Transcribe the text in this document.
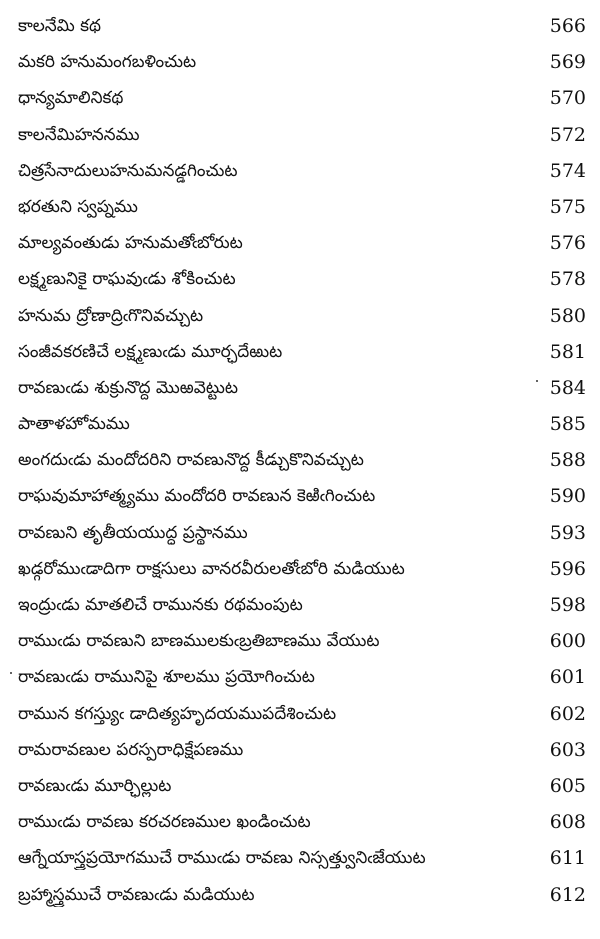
కాలనేమి కథ	566
మకరి హనుమంగబళించుట	569
ధాన్యమాలినికథ	570
కాలనేమిహననము	572
చిత్రసేనాదులుహనుమనడ్డగించుట	574
భరతుని స్వప్నము	575
మాల్యవంతుడు హనుమతోఁబోరుట	576
లక్ష్మణునికై రాఘవుఁడు శోకించుట	578
హనుమ ద్రోణాద్రిఁగొనివచ్చుట	580
సంజీవకరణిచే లక్ష్మణుఁడు మూర్ఛదేఱుట	581
రావణుఁడు శుక్రునొద్ద మొఱవెట్టుట	584
పాతాళహోమము	585
అంగదుఁడు మందోదరిని రావణునొద్ద కీడ్చుకొనివచ్చుట	588
రాఘవుమాహాత్మ్యము మందోదరి రావణున కెఱిఁగించుట	590
రావణుని తృతీయయుద్ధ ప్రస్థానము	593
ఖడ్గరోముఁడాదిగా రాక్షసులు వానరవీరులతోఁబోరి మడియుట	596
ఇంద్రుఁడు మాతలిచే రామునకు రథమంపుట	598
రాముఁడు రావణుని బాణములకుఁబ్రతిబాణము వేయుట	600
రావణుఁడు రామునిపై శూలము ప్రయోగించుట	601
రామున కగస్త్యుఁ డాదిత్యహృదయముపదేశించుట	602
రామరావణుల పరస్పరాధిక్షేపణము	603
రావణుఁడు మూర్ఛిల్లుట	605
రాముఁడు రావణు కరచరణముల ఖండించుట	608
ఆగ్నేయాస్త్రప్రయోగముచే రాముఁడు రావణు నిస్సత్త్వునిఁజేయుట	611
బ్రహ్మాస్త్రముచే రావణుఁడు మడియుట	612
